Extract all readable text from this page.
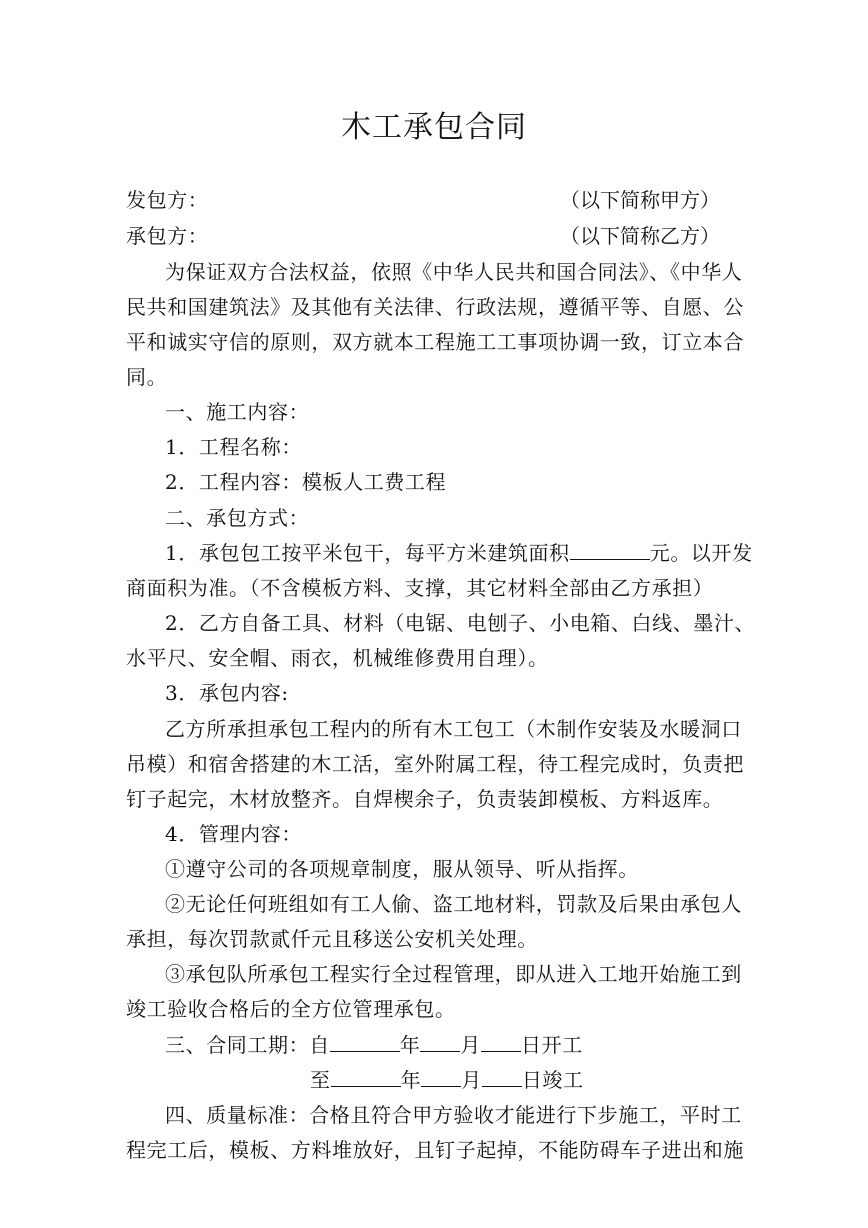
木工承包合同
发包方：	（以下简称甲方）
承包方：	（以下简称乙方）
为保证双方合法权益，依照《中华人民共和国合同法》、《中华人
民共和国建筑法》及其他有关法律、行政法规，遵循平等、自愿、公
平和诚实守信的原则，双方就本工程施工工事项协调一致，订立本合
同。
一、施工内容：
1．工程名称：
2．工程内容：模板人工费工程
二、承包方式：
1．承包包工按平米包干，每平方米建筑面积	元。以开发
商面积为准。（不含模板方料、支撑，其它材料全部由乙方承担）
2．乙方自备工具、材料（电锯、电刨子、小电箱、白线、墨汁、
水平尺、安全帽、雨衣，机械维修费用自理）。
3．承包内容:
乙方所承担承包工程内的所有木工包工（木制作安装及水暖洞口
吊模）和宿舍搭建的木工活，室外附属工程，待工程完成时，负责把
钉子起完，木材放整齐。自焊楔余子，负责装卸模板、方料返库。
4．管理内容：
①遵守公司的各项规章制度，服从领导、听从指挥。
②无论任何班组如有工人偷、盗工地材料，罚款及后果由承包人
承担，每次罚款贰仟元且移送公安机关处理。
③承包队所承包工程实行全过程管理，即从进入工地开始施工到
竣工验收合格后的全方位管理承包。
三、合同工期：自	年 月 日开工
至	年 月 日竣工
四、质量标准：合格且符合甲方验收才能进行下步施工，平时工
程完工后，模板、方料堆放好，且钉子起掉，不能防碍车子进出和施
